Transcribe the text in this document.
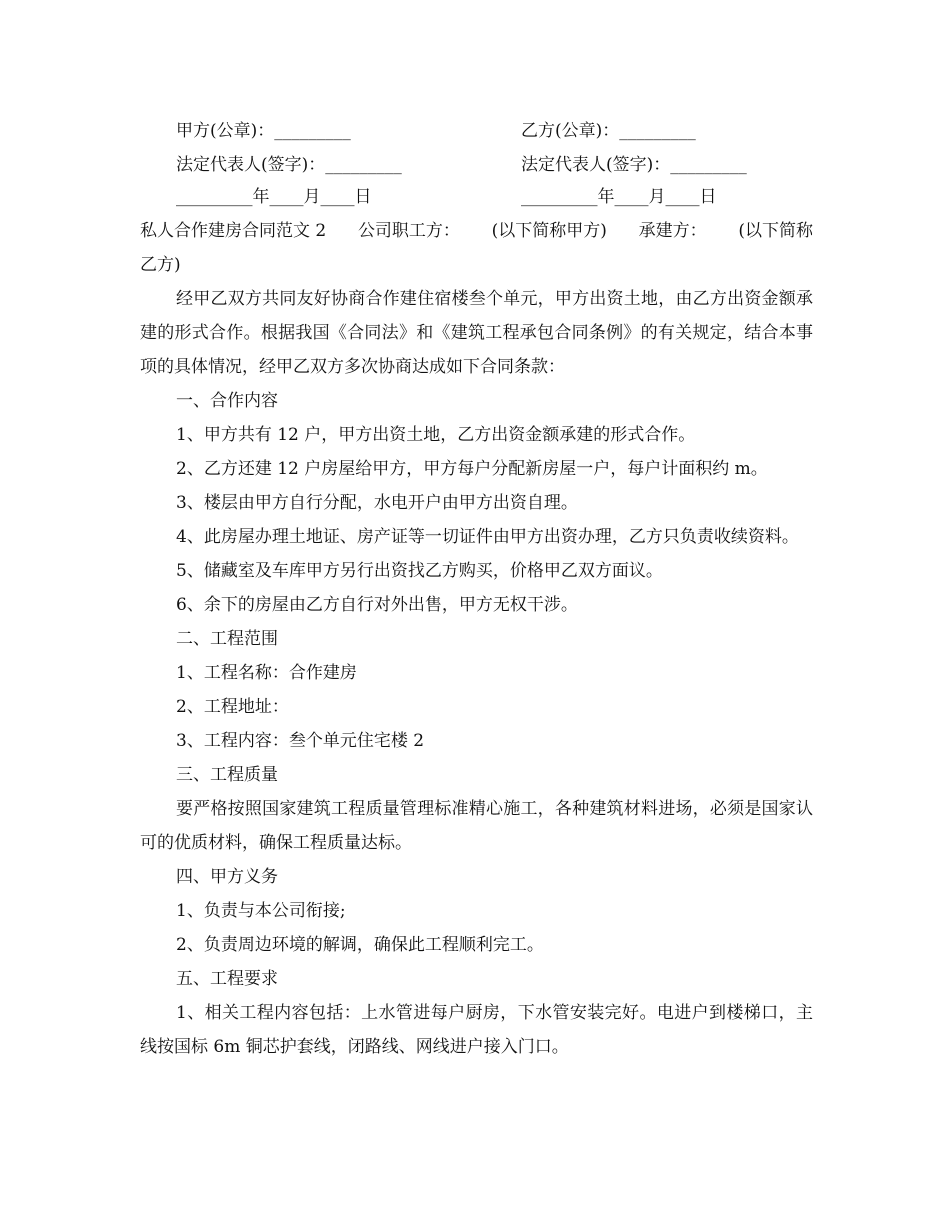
甲方(公章)：_________	乙方(公章)：_________
法定代表人(签字)：_________	法定代表人(签字)：_________
_________年____月____日	_________年____月____日
私人合作建房合同范文 2 公司职工方： (以下简称甲方) 承建方： (以下简称

乙方)

经甲乙双方共同友好协商合作建住宿楼叁个单元，甲方出资土地，由乙方出资金额承建的形式合作。根据我国《合同法》和《建筑工程承包合同条例》的有关规定，结合本事项的具体情况，经甲乙双方多次协商达成如下合同条款：

一、合作内容

1、甲方共有 12 户，甲方出资土地，乙方出资金额承建的形式合作。

2、乙方还建 12 户房屋给甲方，甲方每户分配新房屋一户，每户计面积约 m。

3、楼层由甲方自行分配，水电开户由甲方出资自理。

4、此房屋办理土地证、房产证等一切证件由甲方出资办理，乙方只负责收续资料。

5、储藏室及车库甲方另行出资找乙方购买，价格甲乙双方面议。

6、余下的房屋由乙方自行对外出售，甲方无权干涉。

二、工程范围

1、工程名称：合作建房

2、工程地址：

3、工程内容：叁个单元住宅楼 2

三、工程质量

要严格按照国家建筑工程质量管理标准精心施工，各种建筑材料进场，必须是国家认可的优质材料，确保工程质量达标。

四、甲方义务

1、负责与本公司衔接;

2、负责周边环境的解调，确保此工程顺利完工。

五、工程要求

1、相关工程内容包括：上水管进每户厨房，下水管安装完好。电进户到楼梯口，主线按国标 6m 铜芯护套线，闭路线、网线进户接入门口。
